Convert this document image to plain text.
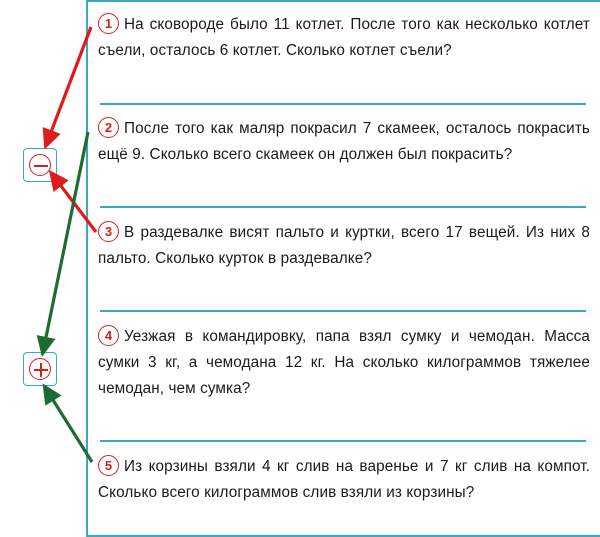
1 На сковороде было 11 котлет. После того как несколько котлет съели, осталось 6 котлет. Сколько котлет съели?
2 После того как маляр покрасил 7 скамеек, осталось покрасить ещё 9. Сколько всего скамеек он должен был покрасить?
3 В раздевалке висят пальто и куртки, всего 17 вещей. Из них 8 пальто. Сколько курток в раздевалке?
4 Уезжая в командировку, папа взял сумку и чемодан. Масса сумки 3 кг, а чемодана 12 кг. На сколько килограммов тяжелее чемодан, чем сумка?
5 Из корзины взяли 4 кг слив на варенье и 7 кг слив на компот. Сколько всего килограммов слив взяли из корзины?
